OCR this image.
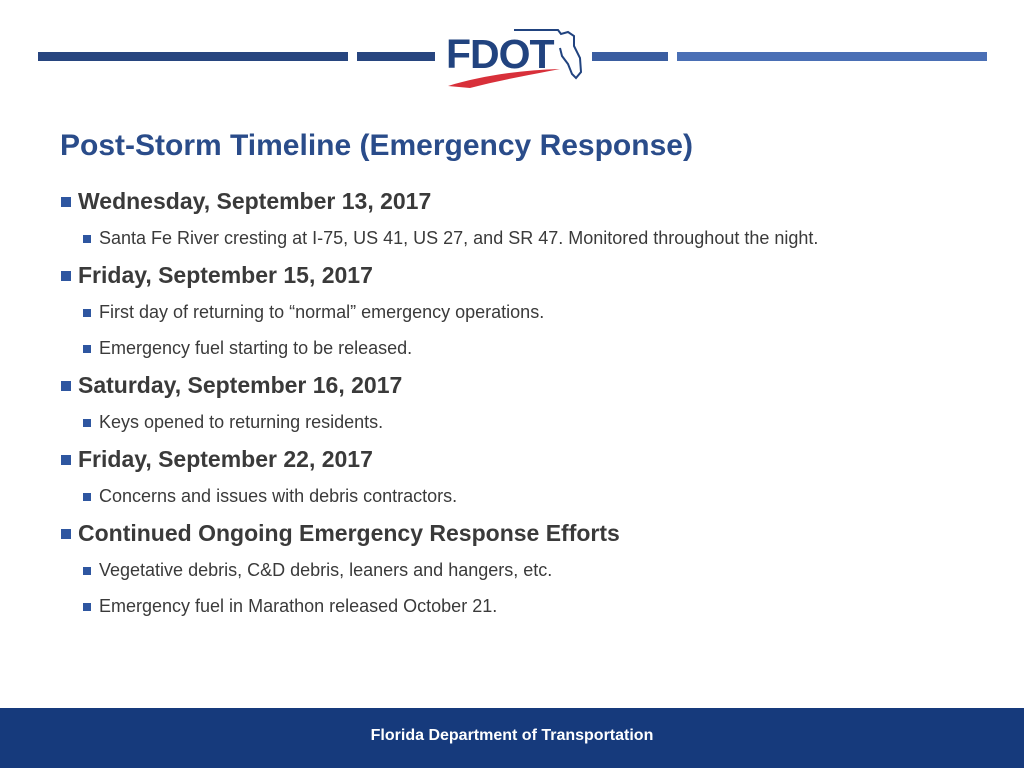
FDOT
Post-Storm Timeline (Emergency Response)
Wednesday, September 13, 2017
Santa Fe River cresting at I-75, US 41, US 27, and SR 47. Monitored throughout the night.
Friday, September 15, 2017
First day of returning to “normal” emergency operations.
Emergency fuel starting to be released.
Saturday, September 16, 2017
Keys opened to returning residents.
Friday, September 22, 2017
Concerns and issues with debris contractors.
Continued Ongoing Emergency Response Efforts
Vegetative debris, C&D debris, leaners and hangers, etc.
Emergency fuel in Marathon released October 21.
Florida Department of Transportation
